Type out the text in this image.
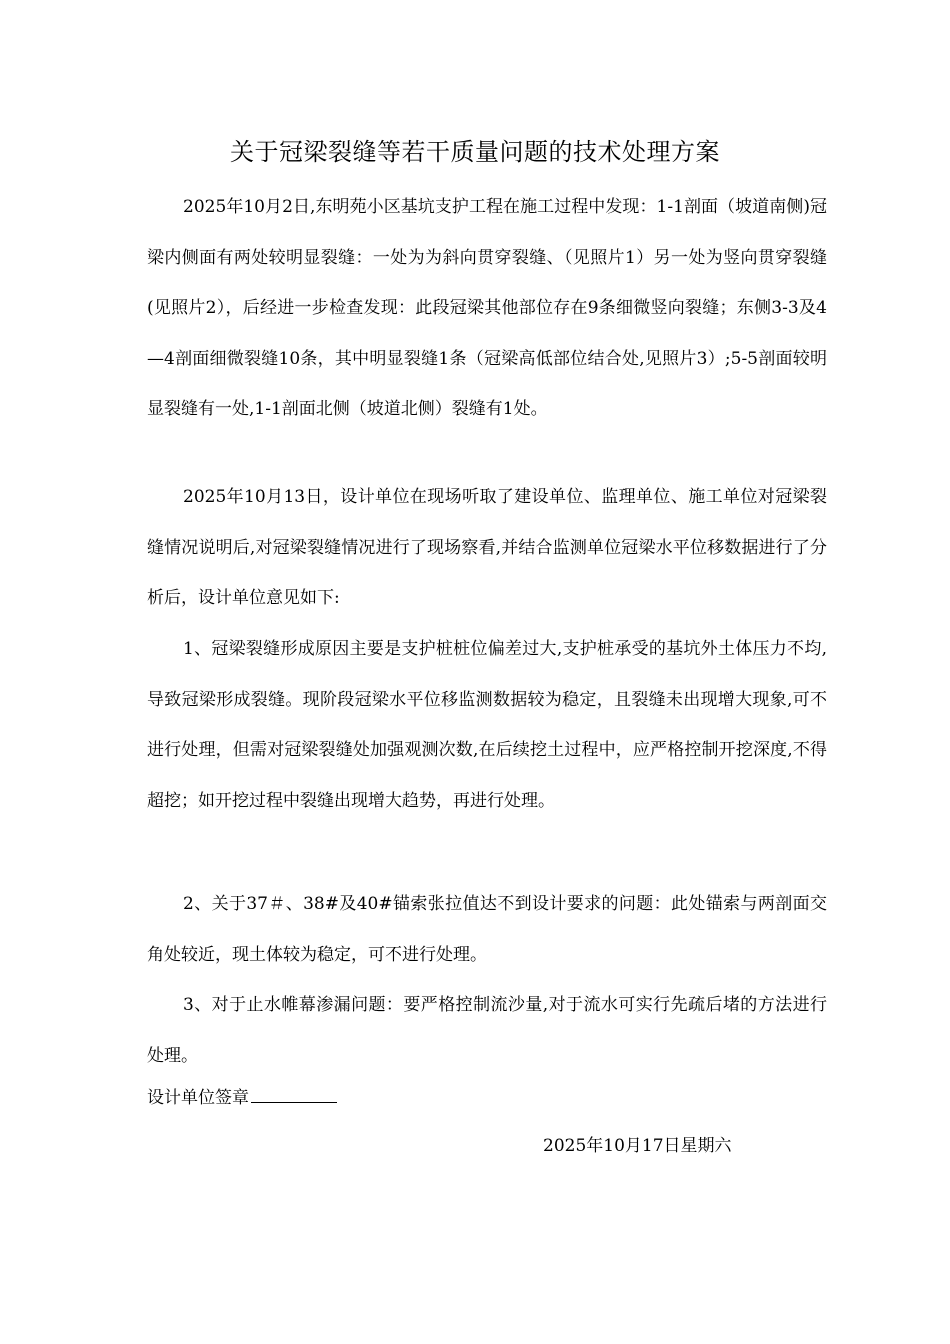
关于冠梁裂缝等若干质量问题的技术处理方案

2025年10月2日,东明苑小区基坑支护工程在施工过程中发现：1-1剖面（坡道南侧)冠梁内侧面有两处较明显裂缝：一处为为斜向贯穿裂缝、（见照片1）另一处为竖向贯穿裂缝(见照片2），后经进一步检查发现：此段冠梁其他部位存在9条细微竖向裂缝；东侧3-3及4—4剖面细微裂缝10条，其中明显裂缝1条（冠梁高低部位结合处,见照片3）;5-5剖面较明显裂缝有一处,1-1剖面北侧（坡道北侧）裂缝有1处。

2025年10月13日，设计单位在现场听取了建设单位、监理单位、施工单位对冠梁裂缝情况说明后,对冠梁裂缝情况进行了现场察看,并结合监测单位冠梁水平位移数据进行了分析后，设计单位意见如下:

1、冠梁裂缝形成原因主要是支护桩桩位偏差过大,支护桩承受的基坑外土体压力不均,导致冠梁形成裂缝。现阶段冠梁水平位移监测数据较为稳定，且裂缝未出现增大现象,可不进行处理，但需对冠梁裂缝处加强观测次数,在后续挖土过程中，应严格控制开挖深度,不得超挖；如开挖过程中裂缝出现增大趋势，再进行处理。

2、关于37＃、38#及40#锚索张拉值达不到设计要求的问题：此处锚索与两剖面交角处较近，现土体较为稳定，可不进行处理。

3、对于止水帷幕渗漏问题：要严格控制流沙量,对于流水可实行先疏后堵的方法进行处理。

设计单位签章
2025年10月17日星期六
